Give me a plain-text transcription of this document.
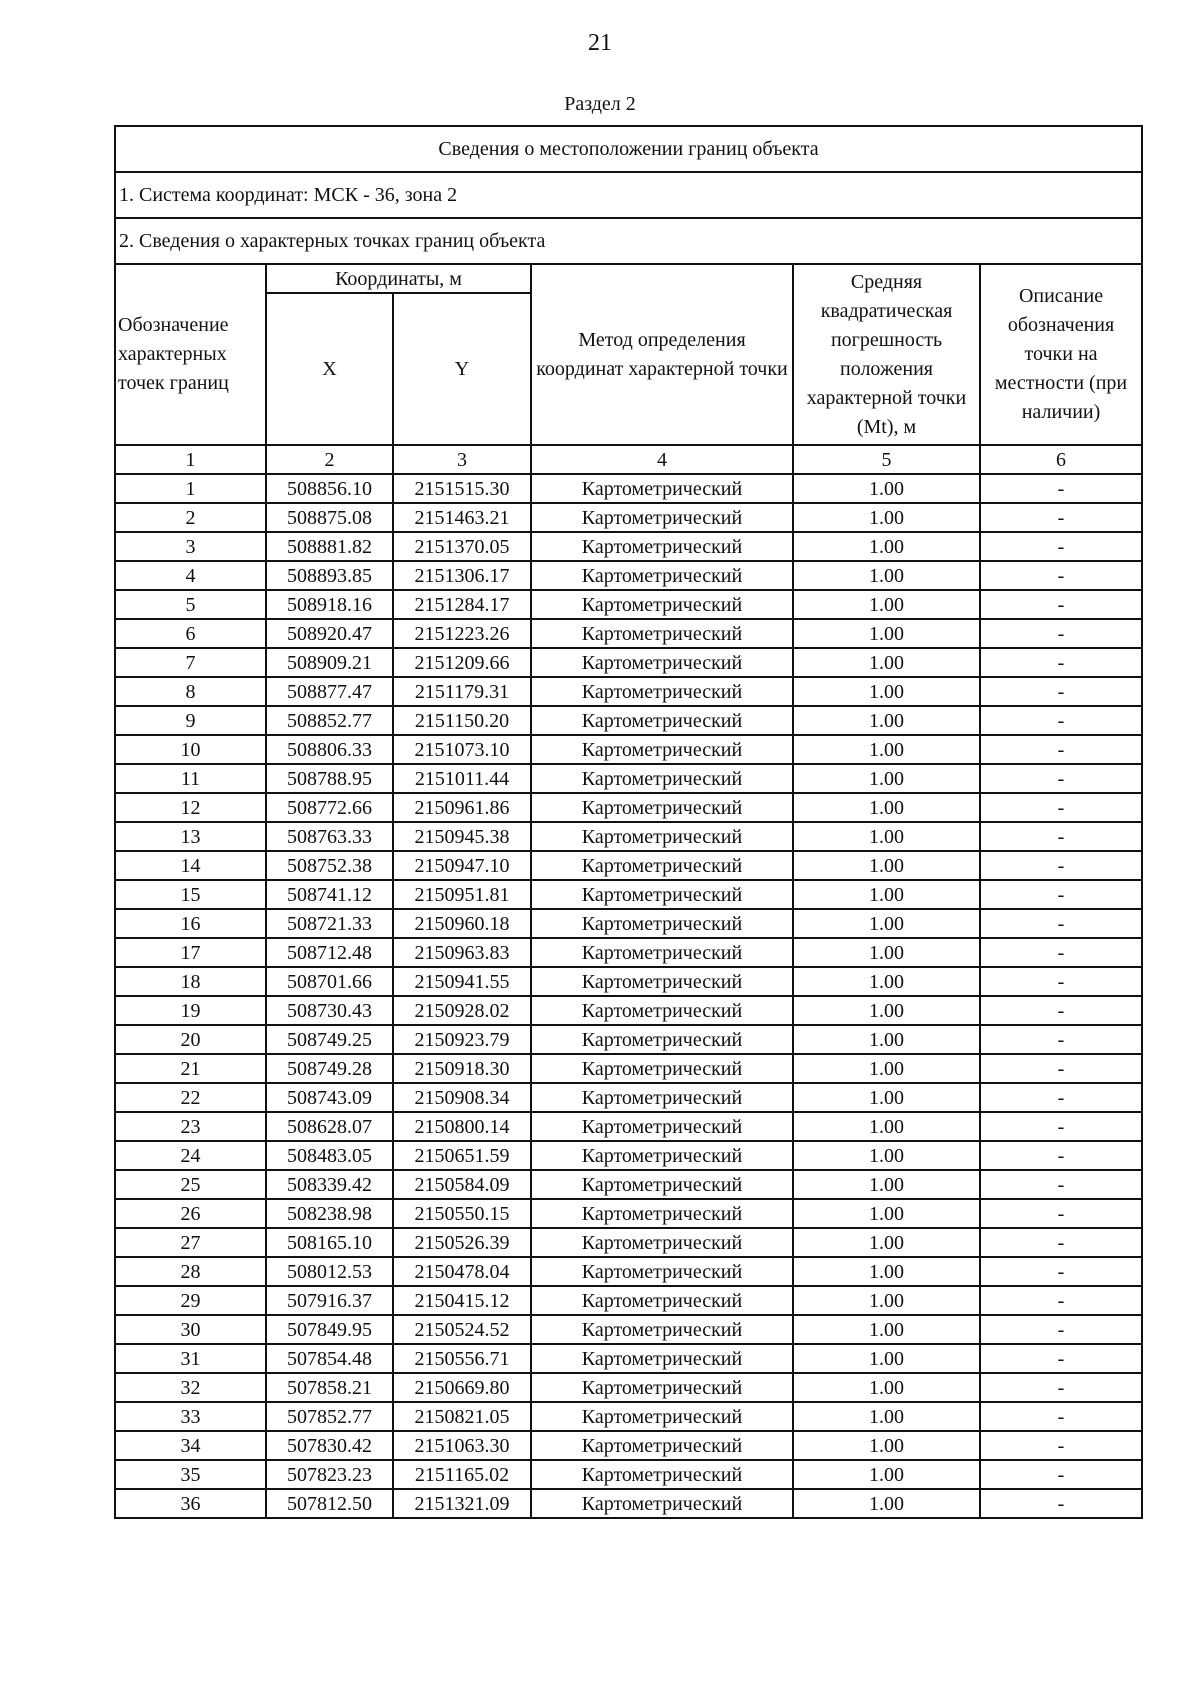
21
Раздел 2
Сведения о местоположении границ объекта					
1. Система координат: МСК - 36, зона 2					
2. Сведения о характерных точках границ объекта					
Обозначение характерных точек границ	Координаты, м		Метод определения координат характерной точки	Средняя квадратическая погрешность положения характерной точки (Mt), м	Описание обозначения точки на местности (при наличии)
	X	Y			
1	2	3	4	5	6
1	508856.10	2151515.30	Картометрический	1.00	-
2	508875.08	2151463.21	Картометрический	1.00	-
3	508881.82	2151370.05	Картометрический	1.00	-
4	508893.85	2151306.17	Картометрический	1.00	-
5	508918.16	2151284.17	Картометрический	1.00	-
6	508920.47	2151223.26	Картометрический	1.00	-
7	508909.21	2151209.66	Картометрический	1.00	-
8	508877.47	2151179.31	Картометрический	1.00	-
9	508852.77	2151150.20	Картометрический	1.00	-
10	508806.33	2151073.10	Картометрический	1.00	-
11	508788.95	2151011.44	Картометрический	1.00	-
12	508772.66	2150961.86	Картометрический	1.00	-
13	508763.33	2150945.38	Картометрический	1.00	-
14	508752.38	2150947.10	Картометрический	1.00	-
15	508741.12	2150951.81	Картометрический	1.00	-
16	508721.33	2150960.18	Картометрический	1.00	-
17	508712.48	2150963.83	Картометрический	1.00	-
18	508701.66	2150941.55	Картометрический	1.00	-
19	508730.43	2150928.02	Картометрический	1.00	-
20	508749.25	2150923.79	Картометрический	1.00	-
21	508749.28	2150918.30	Картометрический	1.00	-
22	508743.09	2150908.34	Картометрический	1.00	-
23	508628.07	2150800.14	Картометрический	1.00	-
24	508483.05	2150651.59	Картометрический	1.00	-
25	508339.42	2150584.09	Картометрический	1.00	-
26	508238.98	2150550.15	Картометрический	1.00	-
27	508165.10	2150526.39	Картометрический	1.00	-
28	508012.53	2150478.04	Картометрический	1.00	-
29	507916.37	2150415.12	Картометрический	1.00	-
30	507849.95	2150524.52	Картометрический	1.00	-
31	507854.48	2150556.71	Картометрический	1.00	-
32	507858.21	2150669.80	Картометрический	1.00	-
33	507852.77	2150821.05	Картометрический	1.00	-
34	507830.42	2151063.30	Картометрический	1.00	-
35	507823.23	2151165.02	Картометрический	1.00	-
36	507812.50	2151321.09	Картометрический	1.00	-
